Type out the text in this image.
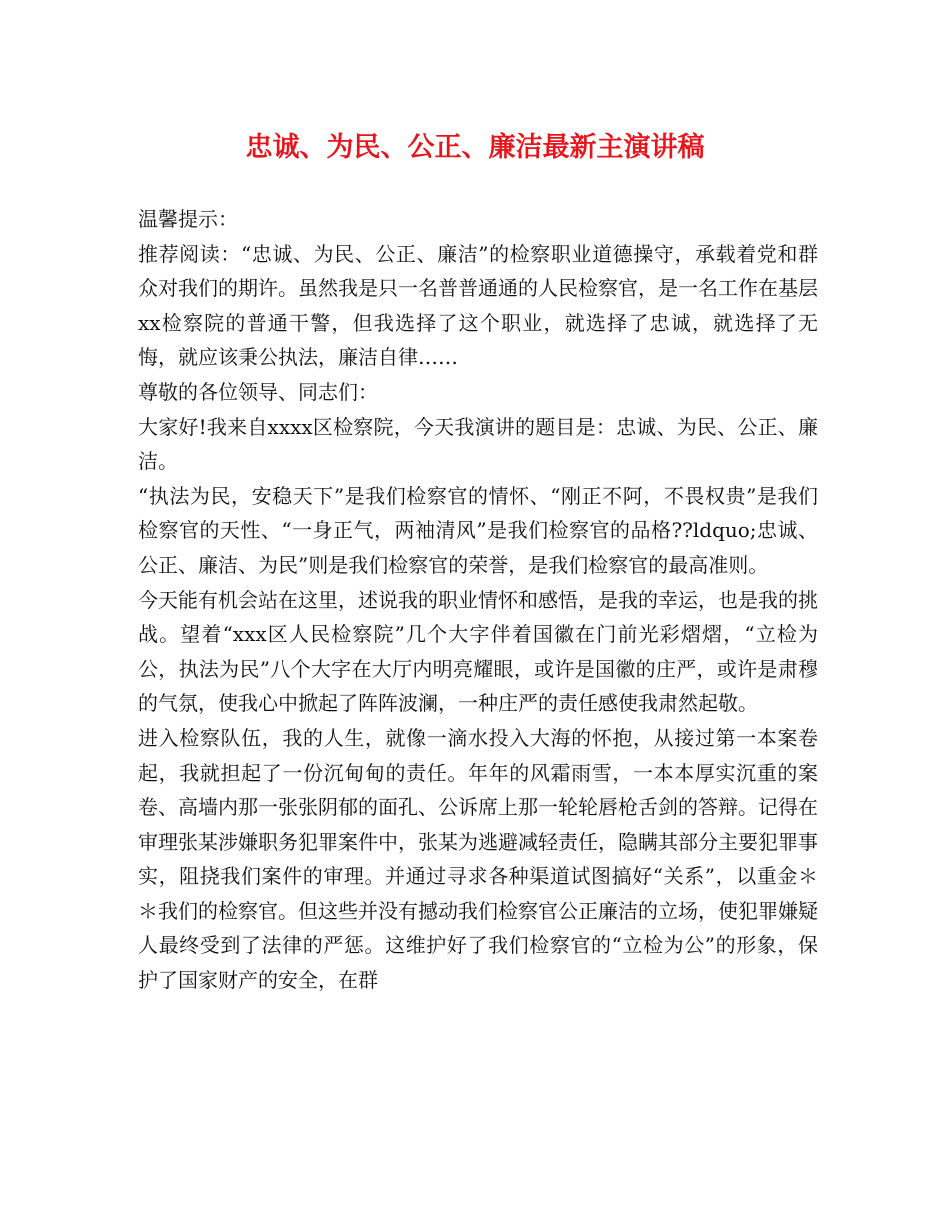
忠诚、为民、公正、廉洁最新主演讲稿

温馨提示：

推荐阅读：“忠诚、为民、公正、廉洁”的检察职业道德操守，承载着党和群众对我们的期许。虽然我是只一名普普通通的人民检察官，是一名工作在基层xx检察院的普通干警，但我选择了这个职业，就选择了忠诚，就选择了无悔，就应该秉公执法，廉洁自律……

尊敬的各位领导、同志们：

大家好!我来自xxxx区检察院，今天我演讲的题目是：忠诚、为民、公正、廉洁。

“执法为民，安稳天下”是我们检察官的情怀、“刚正不阿，不畏权贵”是我们检察官的天性、“一身正气，两袖清风”是我们检察官的品格??ldquo;忠诚、公正、廉洁、为民”则是我们检察官的荣誉，是我们检察官的最高准则。

今天能有机会站在这里，述说我的职业情怀和感悟，是我的幸运，也是我的挑战。望着“xxx区人民检察院”几个大字伴着国徽在门前光彩熠熠，“立检为公，执法为民”八个大字在大厅内明亮耀眼，或许是国徽的庄严，或许是肃穆的气氛，使我心中掀起了阵阵波澜，一种庄严的责任感使我肃然起敬。

进入检察队伍，我的人生，就像一滴水投入大海的怀抱，从接过第一本案卷起，我就担起了一份沉甸甸的责任。年年的风霜雨雪，一本本厚实沉重的案卷、高墙内那一张张阴郁的面孔、公诉席上那一轮轮唇枪舌剑的答辩。记得在审理张某涉嫌职务犯罪案件中，张某为逃避减轻责任，隐瞒其部分主要犯罪事实，阻挠我们案件的审理。并通过寻求各种渠道试图搞好“关系”，以重金＊＊我们的检察官。但这些并没有撼动我们检察官公正廉洁的立场，使犯罪嫌疑人最终受到了法律的严惩。这维护好了我们检察官的“立检为公”的形象，保护了国家财产的安全，在群
